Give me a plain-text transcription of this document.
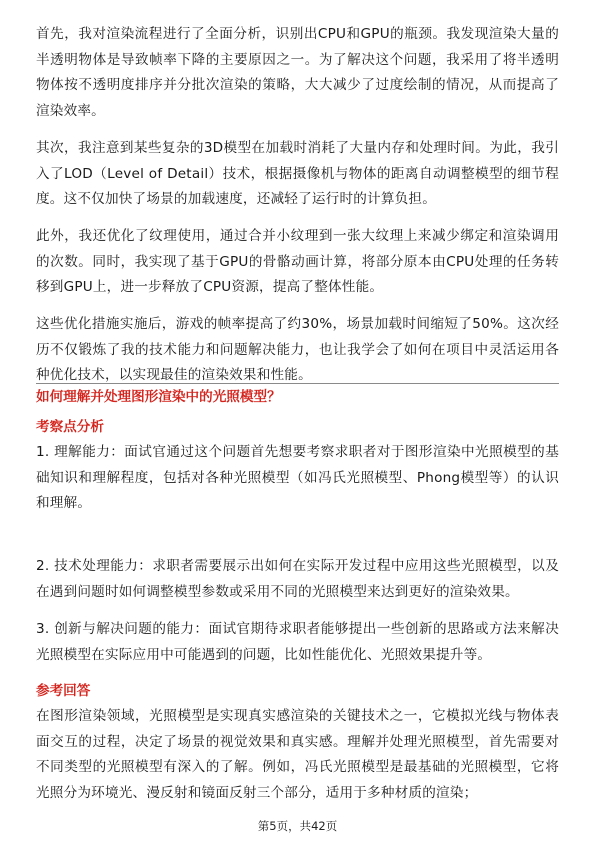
首先，我对渲染流程进行了全面分析，识别出CPU和GPU的瓶颈。我发现渲染大量的半透明物体是导致帧率下降的主要原因之一。为了解决这个问题，我采用了将半透明物体按不透明度排序并分批次渲染的策略，大大减少了过度绘制的情况，从而提高了渲染效率。

其次，我注意到某些复杂的3D模型在加载时消耗了大量内存和处理时间。为此，我引入了LOD（Level of Detail）技术，根据摄像机与物体的距离自动调整模型的细节程度。这不仅加快了场景的加载速度，还减轻了运行时的计算负担。

此外，我还优化了纹理使用，通过合并小纹理到一张大纹理上来减少绑定和渲染调用的次数。同时，我实现了基于GPU的骨骼动画计算，将部分原本由CPU处理的任务转移到GPU上，进一步释放了CPU资源，提高了整体性能。

这些优化措施实施后，游戏的帧率提高了约30%，场景加载时间缩短了50%。这次经历不仅锻炼了我的技术能力和问题解决能力，也让我学会了如何在项目中灵活运用各种优化技术，以实现最佳的渲染效果和性能。

如何理解并处理图形渲染中的光照模型？
考察点分析

1. 理解能力：面试官通过这个问题首先想要考察求职者对于图形渲染中光照模型的基础知识和理解程度，包括对各种光照模型（如冯氏光照模型、Phong模型等）的认识和理解。

2. 技术处理能力：求职者需要展示出如何在实际开发过程中应用这些光照模型，以及在遇到问题时如何调整模型参数或采用不同的光照模型来达到更好的渲染效果。

3. 创新与解决问题的能力：面试官期待求职者能够提出一些创新的思路或方法来解决光照模型在实际应用中可能遇到的问题，比如性能优化、光照效果提升等。

参考回答

在图形渲染领域，光照模型是实现真实感渲染的关键技术之一，它模拟光线与物体表面交互的过程，决定了场景的视觉效果和真实感。理解并处理光照模型，首先需要对不同类型的光照模型有深入的了解。例如，冯氏光照模型是最基础的光照模型，它将光照分为环境光、漫反射和镜面反射三个部分，适用于多种材质的渲染；

第5页，共42页
